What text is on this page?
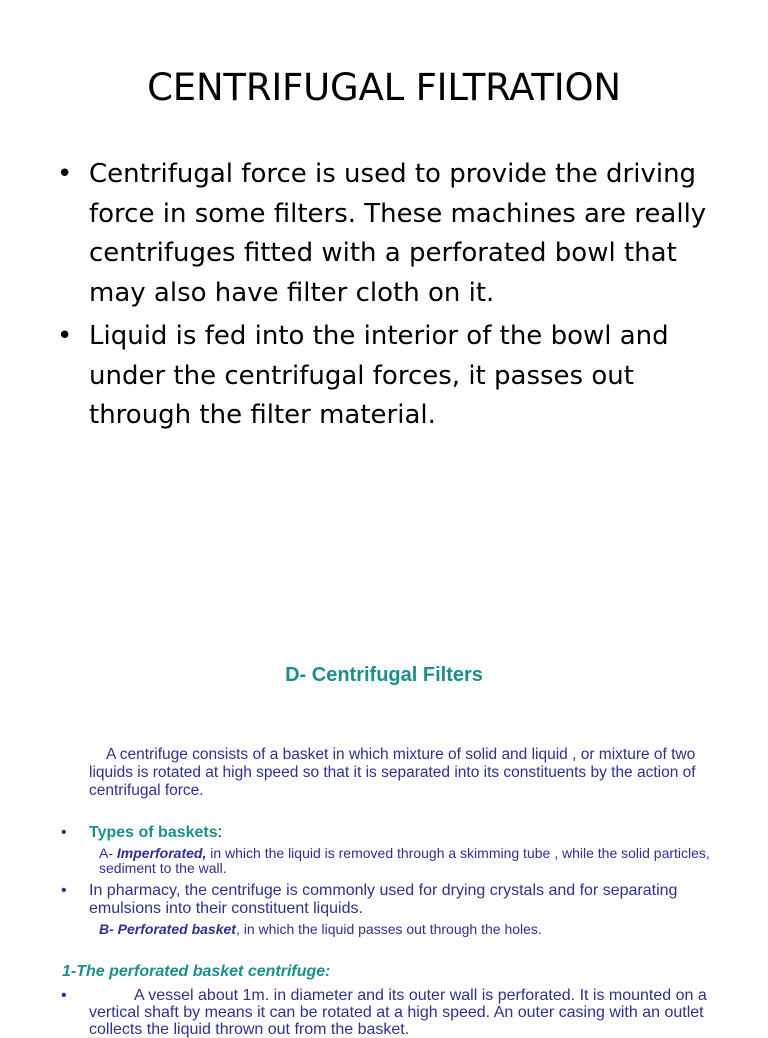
CENTRIFUGAL FILTRATION
• Centrifugal force is used to provide the driving force in some filters. These machines are really centrifuges fitted with a perforated bowl that may also have filter cloth on it.
• Liquid is fed into the interior of the bowl and under the centrifugal forces, it passes out through the filter material.
D- Centrifugal Filters
A centrifuge consists of a basket in which mixture of solid and liquid , or mixture of two liquids is rotated at high speed so that it is separated into its constituents by the action of centrifugal force.
• Types of baskets:
A- Imperforated, in which the liquid is removed through a skimming tube , while the solid particles, sediment to the wall.
• In pharmacy, the centrifuge is commonly used for drying crystals and for separating emulsions into their constituent liquids.
B- Perforated basket, in which the liquid passes out through the holes.
1-The perforated basket centrifuge:
•	A vessel about 1m. in diameter and its outer wall is perforated. It is mounted on a vertical shaft by means it can be rotated at a high speed. An outer casing with an outlet collects the liquid thrown out from the basket.
